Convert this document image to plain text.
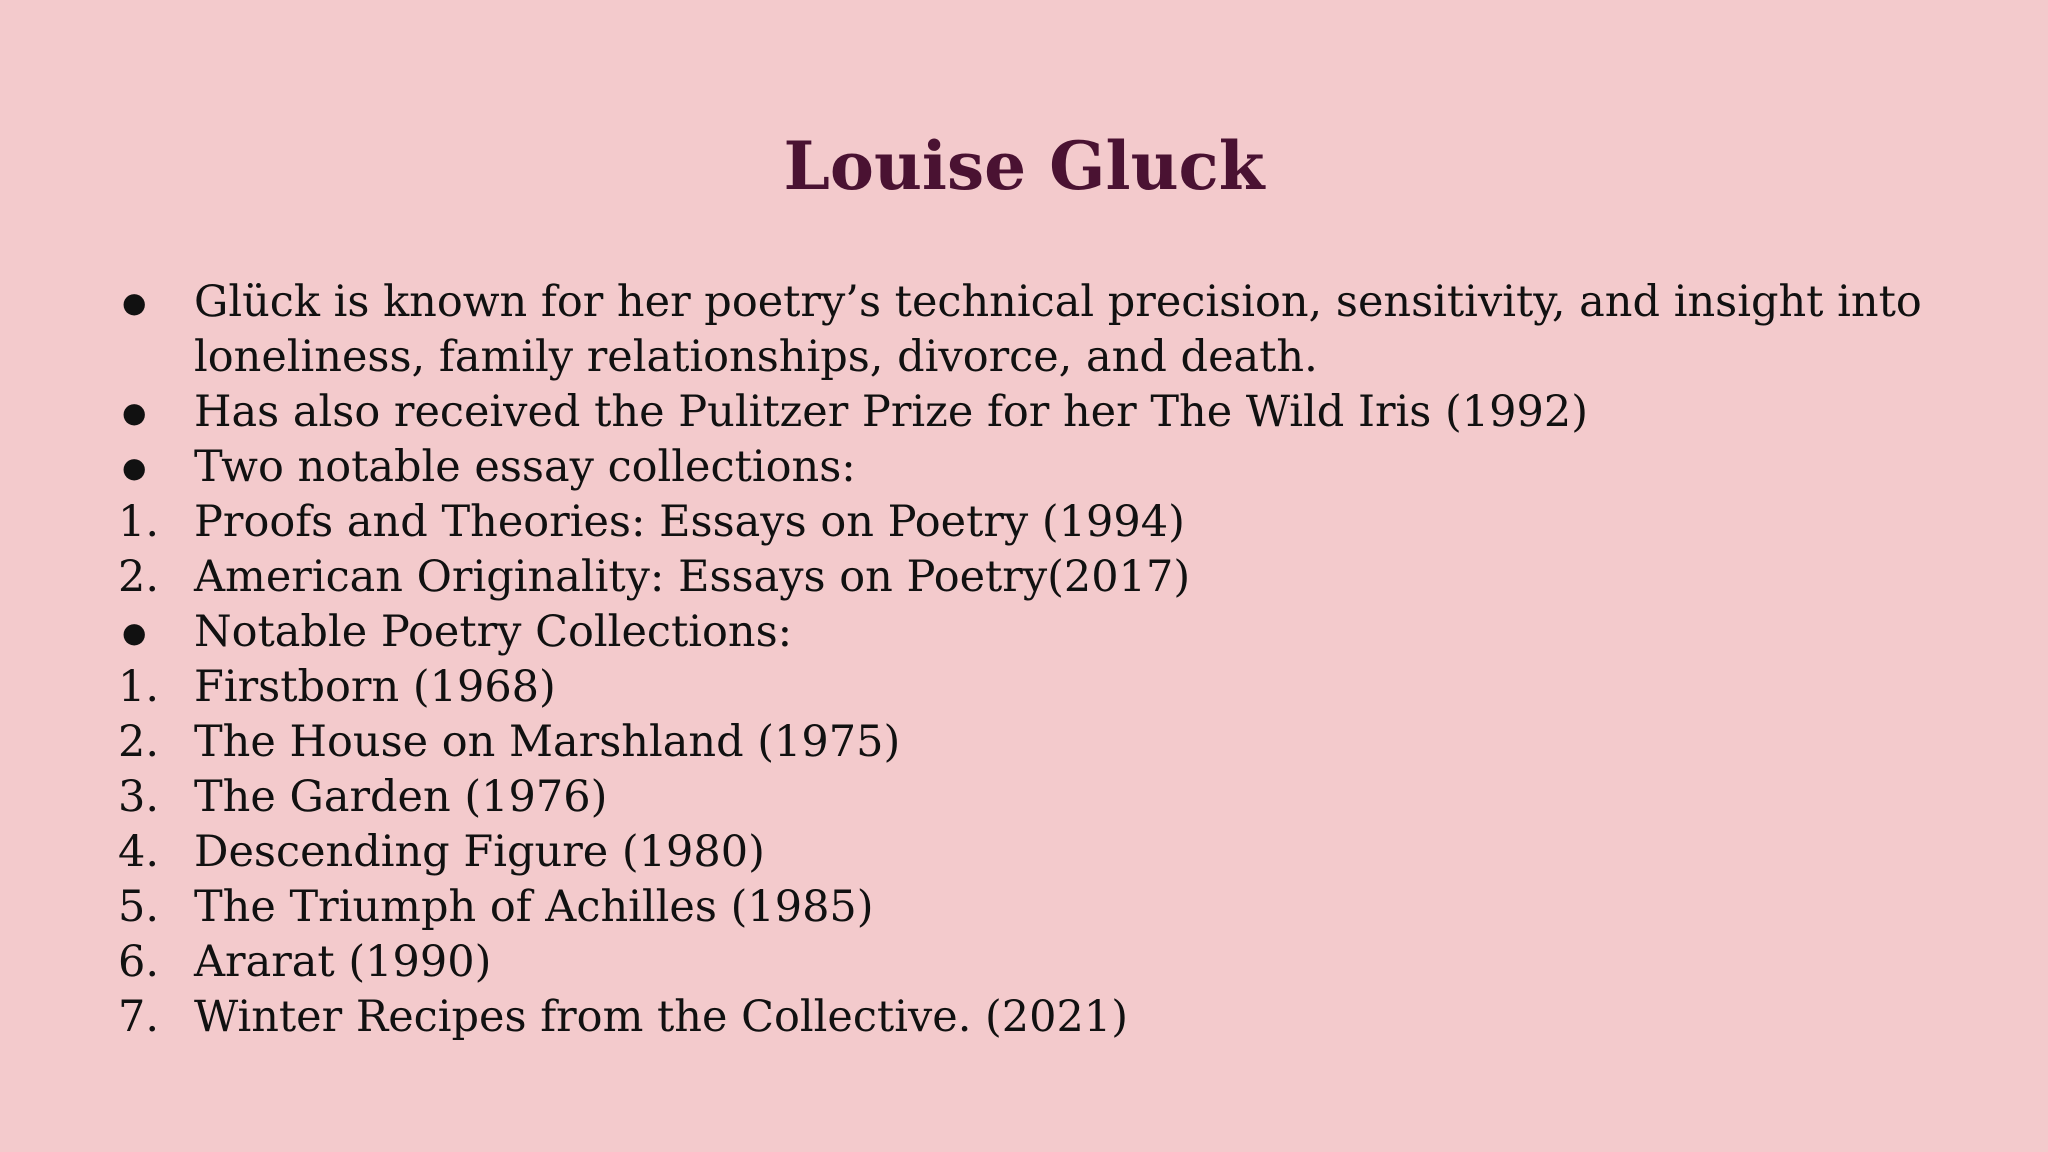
Louise Gluck
●	Glück is known for her poetry’s technical precision, sensitivity, and insight into loneliness, family relationships, divorce, and death.
●	Has also received the Pulitzer Prize for her The Wild Iris (1992)
●	Two notable essay collections:
1. Proofs and Theories: Essays on Poetry (1994)
2. American Originality: Essays on Poetry(2017)
●	Notable Poetry Collections:
1. Firstborn (1968)
2. The House on Marshland (1975)
3. The Garden (1976)
4. Descending Figure (1980)
5. The Triumph of Achilles (1985)
6. Ararat (1990)
7. Winter Recipes from the Collective. (2021)
